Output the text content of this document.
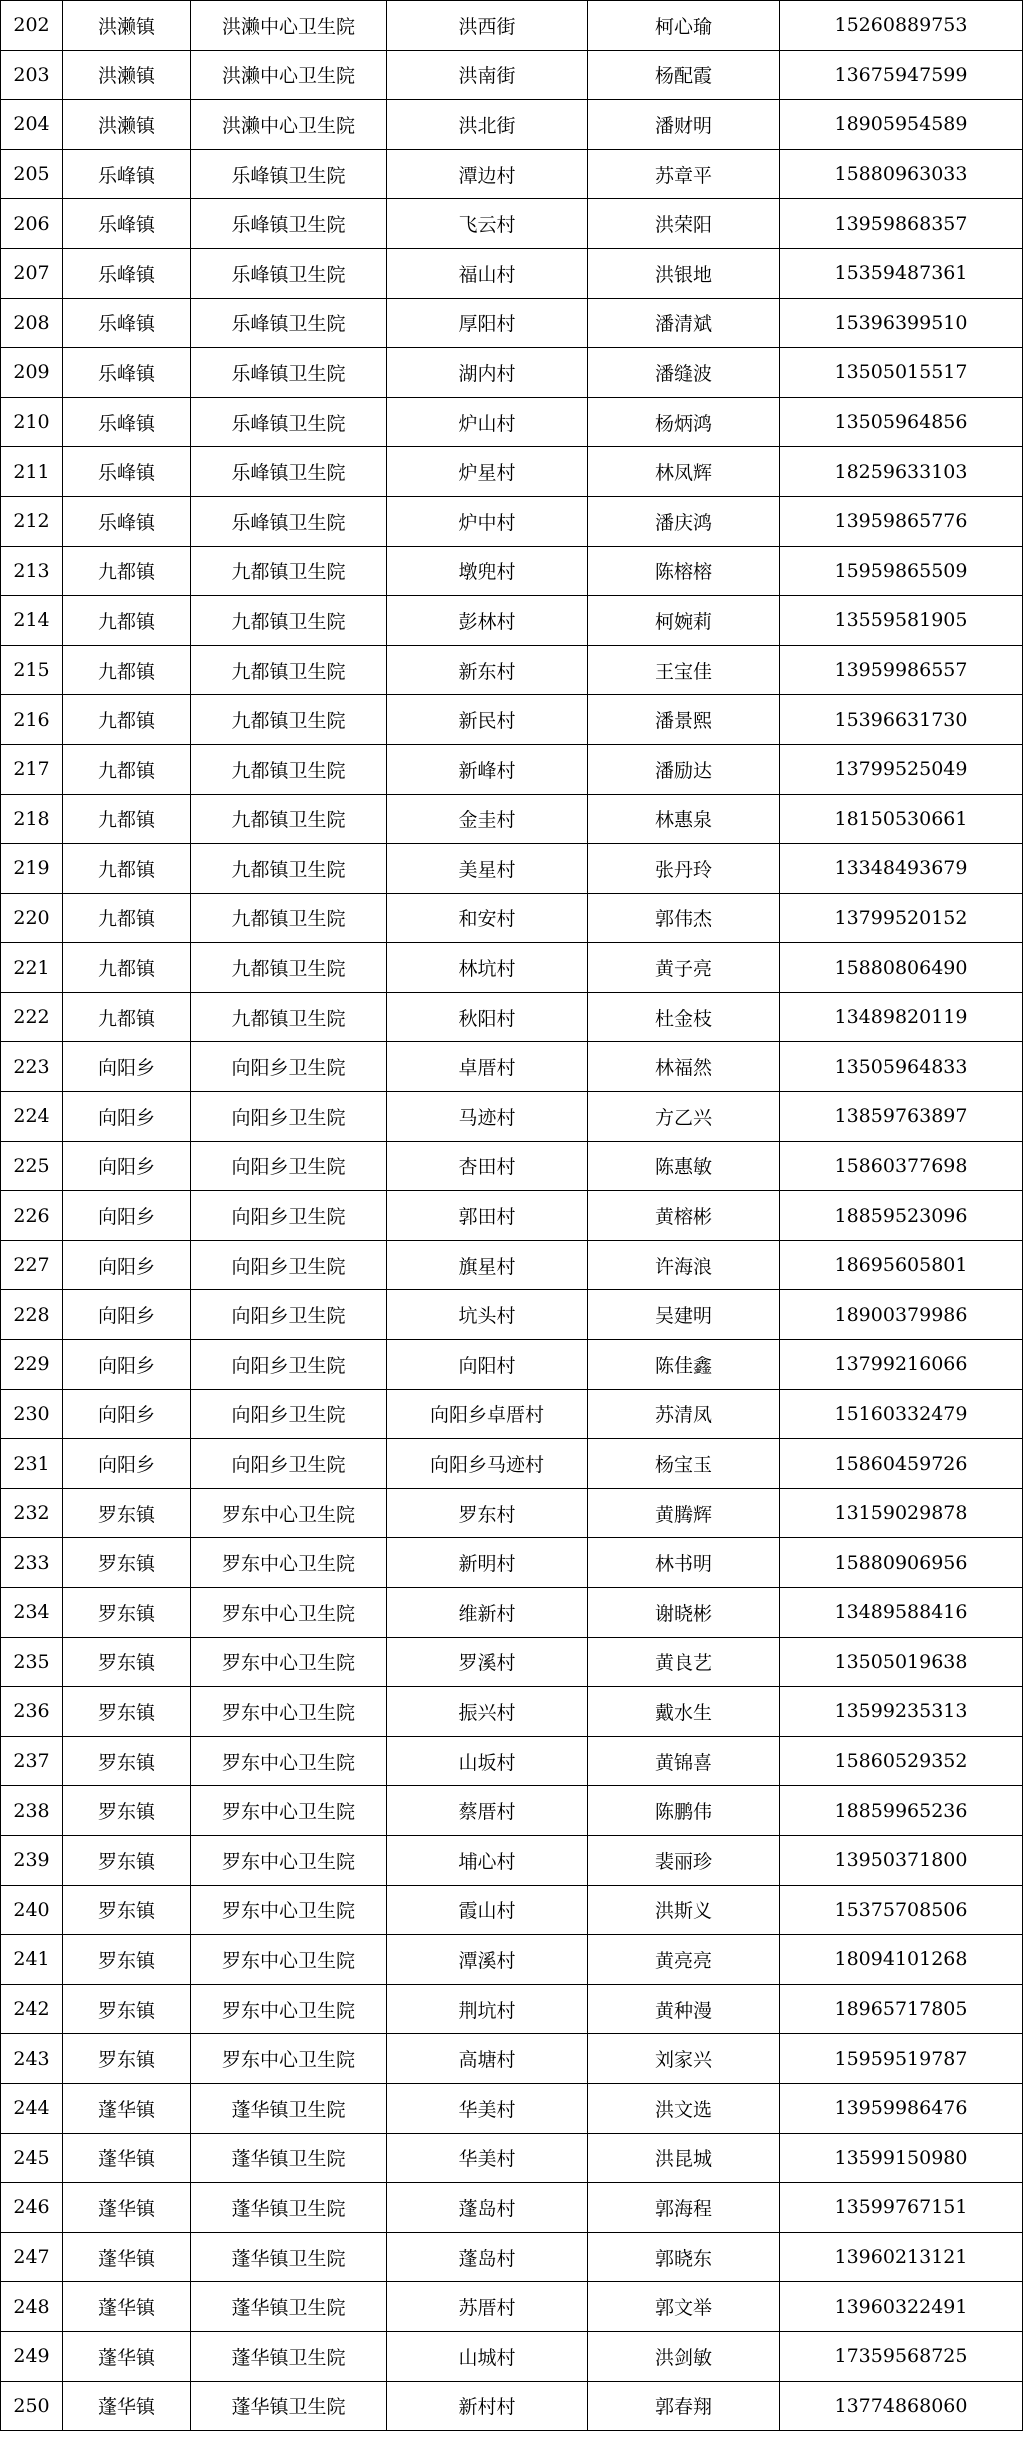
202	洪濑镇	洪濑中心卫生院	洪西街	柯心瑜	15260889753
203	洪濑镇	洪濑中心卫生院	洪南街	杨配霞	13675947599
204	洪濑镇	洪濑中心卫生院	洪北街	潘财明	18905954589
205	乐峰镇	乐峰镇卫生院	潭边村	苏章平	15880963033
206	乐峰镇	乐峰镇卫生院	飞云村	洪荣阳	13959868357
207	乐峰镇	乐峰镇卫生院	福山村	洪银地	15359487361
208	乐峰镇	乐峰镇卫生院	厚阳村	潘清斌	15396399510
209	乐峰镇	乐峰镇卫生院	湖内村	潘缝波	13505015517
210	乐峰镇	乐峰镇卫生院	炉山村	杨炳鸿	13505964856
211	乐峰镇	乐峰镇卫生院	炉星村	林凤辉	18259633103
212	乐峰镇	乐峰镇卫生院	炉中村	潘庆鸿	13959865776
213	九都镇	九都镇卫生院	墩兜村	陈榕榕	15959865509
214	九都镇	九都镇卫生院	彭林村	柯婉莉	13559581905
215	九都镇	九都镇卫生院	新东村	王宝佳	13959986557
216	九都镇	九都镇卫生院	新民村	潘景熙	15396631730
217	九都镇	九都镇卫生院	新峰村	潘励达	13799525049
218	九都镇	九都镇卫生院	金圭村	林惠泉	18150530661
219	九都镇	九都镇卫生院	美星村	张丹玲	13348493679
220	九都镇	九都镇卫生院	和安村	郭伟杰	13799520152
221	九都镇	九都镇卫生院	林坑村	黄子亮	15880806490
222	九都镇	九都镇卫生院	秋阳村	杜金枝	13489820119
223	向阳乡	向阳乡卫生院	卓厝村	林福然	13505964833
224	向阳乡	向阳乡卫生院	马迹村	方乙兴	13859763897
225	向阳乡	向阳乡卫生院	杏田村	陈惠敏	15860377698
226	向阳乡	向阳乡卫生院	郭田村	黄榕彬	18859523096
227	向阳乡	向阳乡卫生院	旗星村	许海浪	18695605801
228	向阳乡	向阳乡卫生院	坑头村	吴建明	18900379986
229	向阳乡	向阳乡卫生院	向阳村	陈佳鑫	13799216066
230	向阳乡	向阳乡卫生院	向阳乡卓厝村	苏清凤	15160332479
231	向阳乡	向阳乡卫生院	向阳乡马迹村	杨宝玉	15860459726
232	罗东镇	罗东中心卫生院	罗东村	黄腾辉	13159029878
233	罗东镇	罗东中心卫生院	新明村	林书明	15880906956
234	罗东镇	罗东中心卫生院	维新村	谢晓彬	13489588416
235	罗东镇	罗东中心卫生院	罗溪村	黄良艺	13505019638
236	罗东镇	罗东中心卫生院	振兴村	戴水生	13599235313
237	罗东镇	罗东中心卫生院	山坂村	黄锦喜	15860529352
238	罗东镇	罗东中心卫生院	蔡厝村	陈鹏伟	18859965236
239	罗东镇	罗东中心卫生院	埔心村	裴丽珍	13950371800
240	罗东镇	罗东中心卫生院	霞山村	洪斯义	15375708506
241	罗东镇	罗东中心卫生院	潭溪村	黄亮亮	18094101268
242	罗东镇	罗东中心卫生院	荆坑村	黄种漫	18965717805
243	罗东镇	罗东中心卫生院	高塘村	刘家兴	15959519787
244	蓬华镇	蓬华镇卫生院	华美村	洪文选	13959986476
245	蓬华镇	蓬华镇卫生院	华美村	洪昆城	13599150980
246	蓬华镇	蓬华镇卫生院	蓬岛村	郭海程	13599767151
247	蓬华镇	蓬华镇卫生院	蓬岛村	郭晓东	13960213121
248	蓬华镇	蓬华镇卫生院	苏厝村	郭文举	13960322491
249	蓬华镇	蓬华镇卫生院	山城村	洪剑敏	17359568725
250	蓬华镇	蓬华镇卫生院	新村村	郭春翔	13774868060
